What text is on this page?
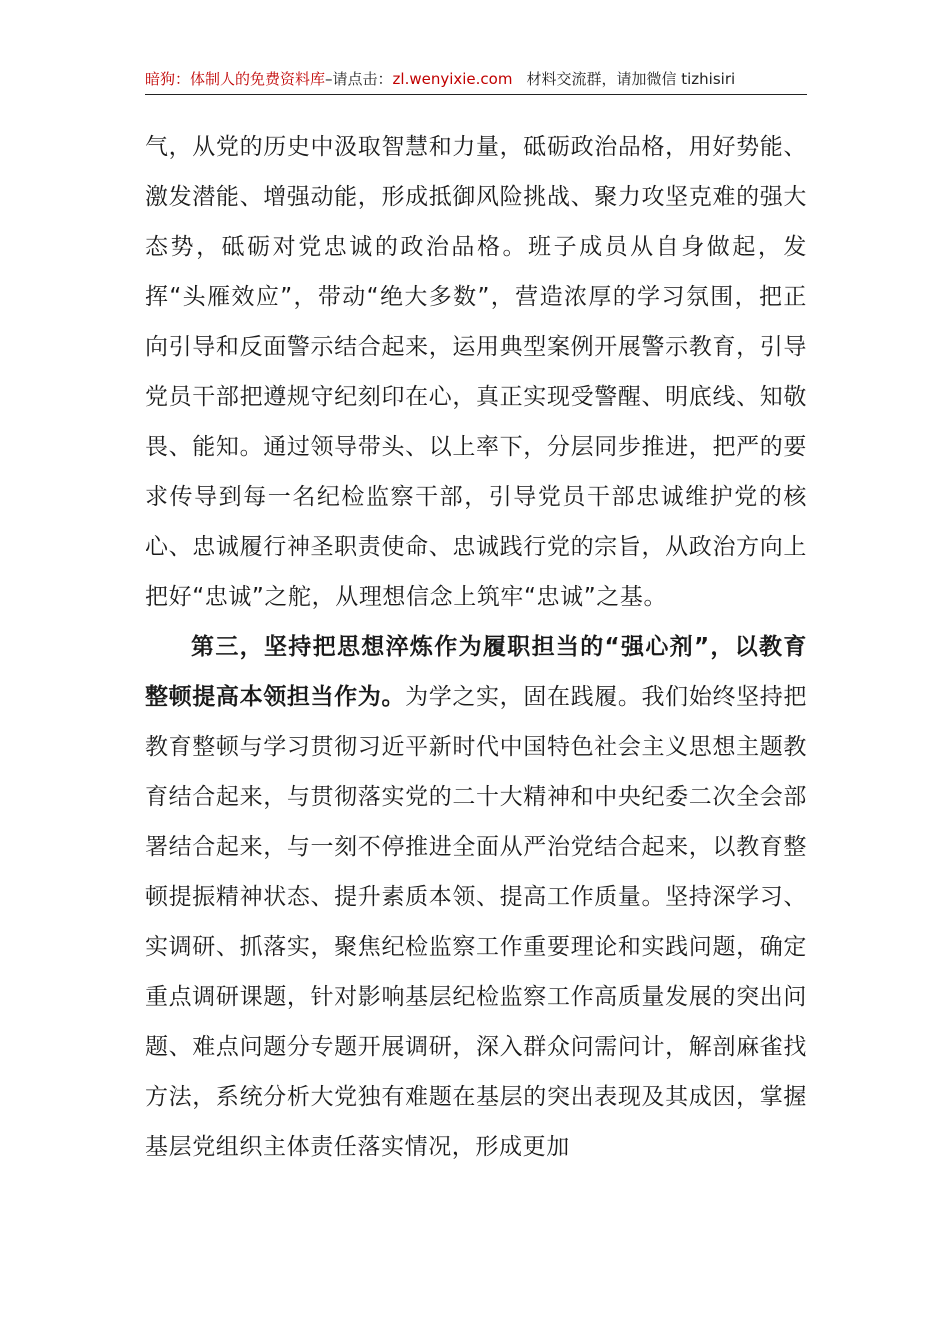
暗狗：体制人的免费资料库–请点击：zl.wenyixie.com 材料交流群，请加微信 tizhisiri

气，从党的历史中汲取智慧和力量，砥砺政治品格，用好势能、激发潜能、增强动能，形成抵御风险挑战、聚力攻坚克难的强大态势，砥砺对党忠诚的政治品格。班子成员从自身做起，发挥“头雁效应”，带动“绝大多数”，营造浓厚的学习氛围，把正向引导和反面警示结合起来，运用典型案例开展警示教育，引导党员干部把遵规守纪刻印在心，真正实现受警醒、明底线、知敬畏、能知。通过领导带头、以上率下，分层同步推进，把严的要求传导到每一名纪检监察干部，引导党员干部忠诚维护党的核心、忠诚履行神圣职责使命、忠诚践行党的宗旨，从政治方向上把好“忠诚”之舵，从理想信念上筑牢“忠诚”之基。

第三，坚持把思想淬炼作为履职担当的“强心剂”，以教育整顿提高本领担当作为。为学之实，固在践履。我们始终坚持把教育整顿与学习贯彻习近平新时代中国特色社会主义思想主题教育结合起来，与贯彻落实党的二十大精神和中央纪委二次全会部署结合起来，与一刻不停推进全面从严治党结合起来，以教育整顿提振精神状态、提升素质本领、提高工作质量。坚持深学习、实调研、抓落实，聚焦纪检监察工作重要理论和实践问题，确定重点调研课题，针对影响基层纪检监察工作高质量发展的突出问题、难点问题分专题开展调研，深入群众问需问计，解剖麻雀找方法，系统分析大党独有难题在基层的突出表现及其成因，掌握基层党组织主体责任落实情况，形成更加
